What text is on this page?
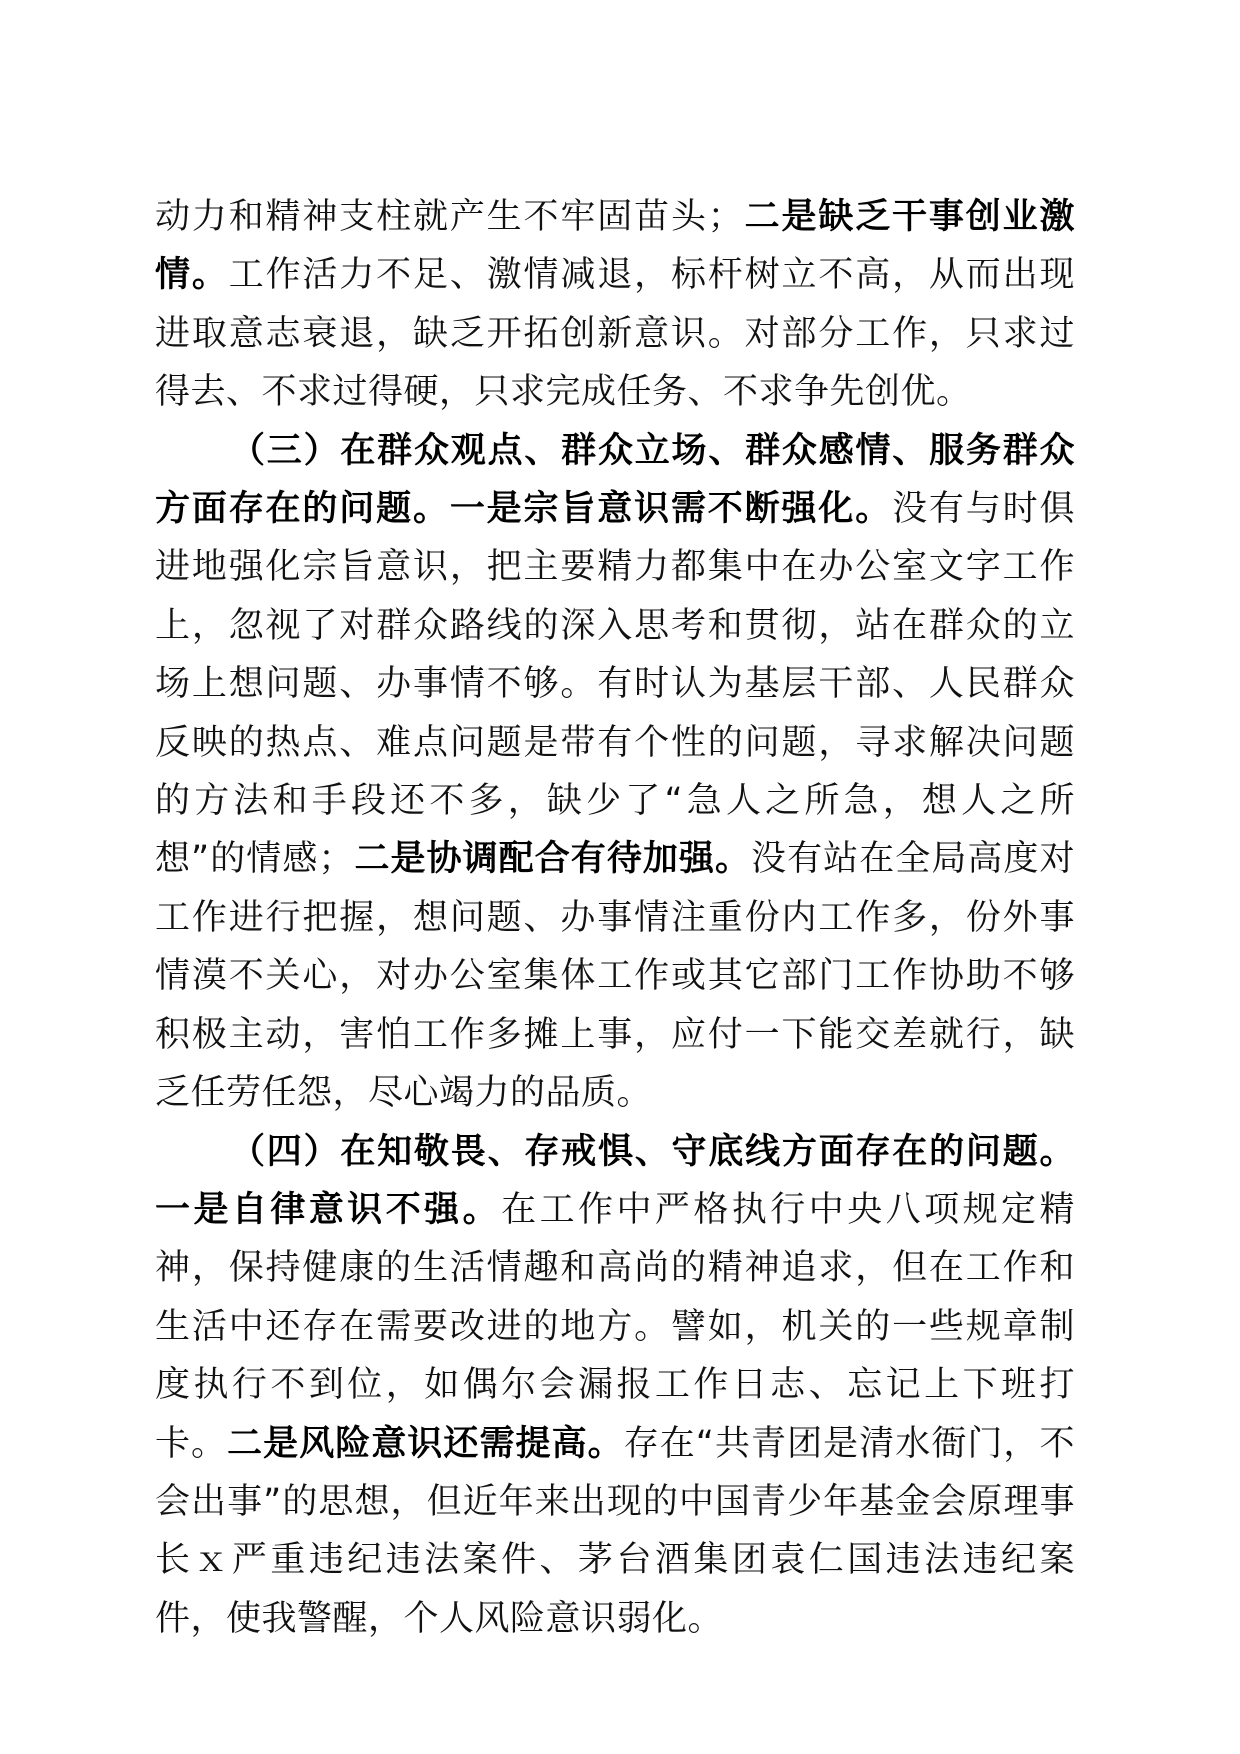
动力和精神支柱就产生不牢固苗头；二是缺乏干事创业激情。工作活力不足、激情减退，标杆树立不高，从而出现进取意志衰退，缺乏开拓创新意识。对部分工作，只求过得去、不求过得硬，只求完成任务、不求争先创优。

（三）在群众观点、群众立场、群众感情、服务群众方面存在的问题。一是宗旨意识需不断强化。没有与时俱进地强化宗旨意识，把主要精力都集中在办公室文字工作上，忽视了对群众路线的深入思考和贯彻，站在群众的立场上想问题、办事情不够。有时认为基层干部、人民群众反映的热点、难点问题是带有个性的问题，寻求解决问题的方法和手段还不多，缺少了“急人之所急，想人之所想”的情感；二是协调配合有待加强。没有站在全局高度对工作进行把握，想问题、办事情注重份内工作多，份外事情漠不关心，对办公室集体工作或其它部门工作协助不够积极主动，害怕工作多摊上事，应付一下能交差就行，缺乏任劳任怨，尽心竭力的品质。

（四）在知敬畏、存戒惧、守底线方面存在的问题。一是自律意识不强。在工作中严格执行中央八项规定精神，保持健康的生活情趣和高尚的精神追求，但在工作和生活中还存在需要改进的地方。譬如，机关的一些规章制度执行不到位，如偶尔会漏报工作日志、忘记上下班打卡。二是风险意识还需提高。存在“共青团是清水衙门，不会出事”的思想，但近年来出现的中国青少年基金会原理事长ｘ严重违纪违法案件、茅台酒集团袁仁国违法违纪案件，使我警醒，个人风险意识弱化。
